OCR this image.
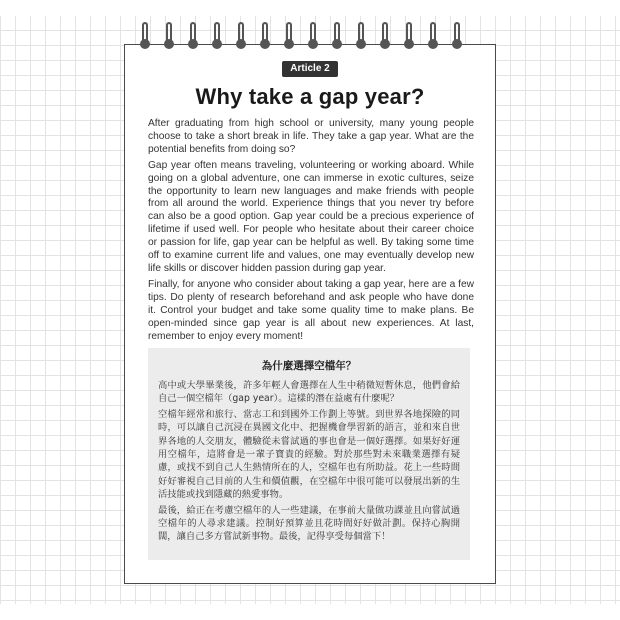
Article 2
Why take a gap year?

After graduating from high school or university, many young people choose to take a short break in life. They take a gap year. What are the potential benefits from doing so?

Gap year often means traveling, volunteering or working aboard. While going on a global adventure, one can immerse in exotic cultures, seize the opportunity to learn new languages and make friends with people from all around the world. Experience things that you never try before can also be a good option. Gap year could be a precious experience of lifetime if used well. For people who hesitate about their career choice or passion for life, gap year can be helpful as well. By taking some time off to examine current life and values, one may eventually develop new life skills or discover hidden passion during gap year.

Finally, for anyone who consider about taking a gap year, here are a few tips. Do plenty of research beforehand and ask people who have done it. Control your budget and take some quality time to make plans. Be open-minded since gap year is all about new experiences. At last, remember to enjoy every moment!

為什麼選擇空檔年？

高中或大學畢業後，許多年輕人會選擇在人生中稍微短暫休息，他們會給自己一個空檔年（gap year）。這樣的潛在益處有什麼呢？

空檔年經常和旅行、當志工和到國外工作劃上等號。到世界各地探險的同時，可以讓自己沉浸在異國文化中、把握機會學習新的語言，並和來自世界各地的人交朋友，體驗從未嘗試過的事也會是一個好選擇。如果好好運用空檔年，這將會是一輩子寶貴的經驗。對於那些對未來職業選擇有疑慮，或找不到自己人生熱情所在的人，空檔年也有所助益。花上一些時間好好審視自己目前的人生和價值觀，在空檔年中很可能可以發展出新的生活技能或找到隱藏的熱愛事物。

最後，給正在考慮空檔年的人一些建議，在事前大量做功課並且向嘗試過空檔年的人尋求建議。控制好預算並且花時間好好做計劃。保持心胸開闊，讓自己多方嘗試新事物。最後，記得享受每個當下！
